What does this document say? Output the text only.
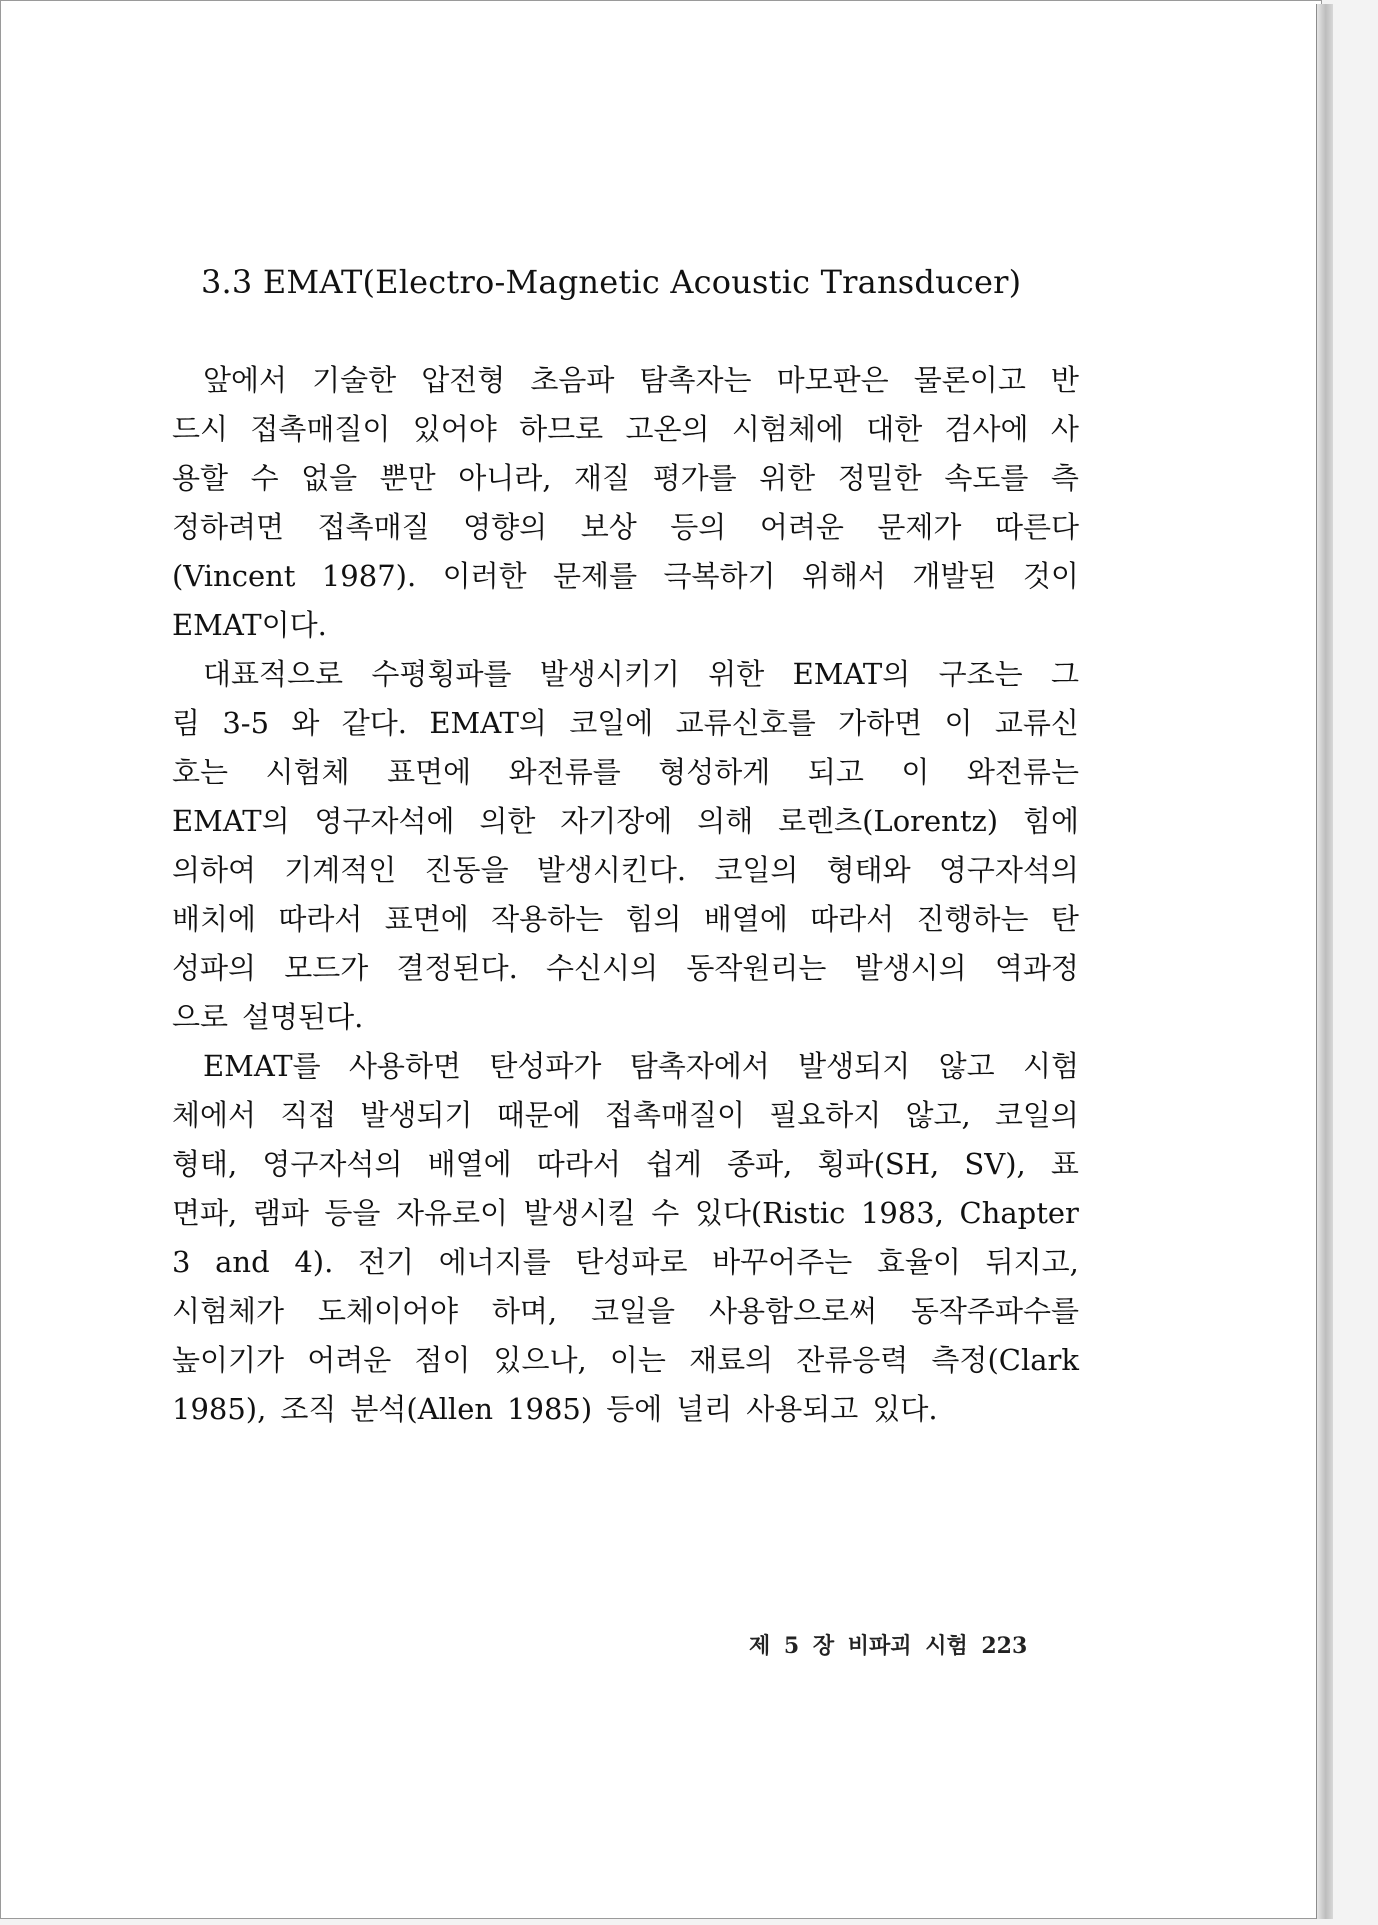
3.3 EMAT(Electro-Magnetic Acoustic Transducer)
앞에서 기술한 압전형 초음파 탐촉자는 마모판은 물론이고 반
드시 접촉매질이 있어야 하므로 고온의 시험체에 대한 검사에 사
용할 수 없을 뿐만 아니라, 재질 평가를 위한 정밀한 속도를 측
정하려면 접촉매질 영향의 보상 등의 어려운 문제가 따른다
(Vincent 1987). 이러한 문제를 극복하기 위해서 개발된 것이
EMAT이다.
대표적으로 수평횡파를 발생시키기 위한 EMAT의 구조는 그
림 3-5 와 같다. EMAT의 코일에 교류신호를 가하면 이 교류신
호는 시험체 표면에 와전류를 형성하게 되고 이 와전류는
EMAT의 영구자석에 의한 자기장에 의해 로렌츠(Lorentz) 힘에
의하여 기계적인 진동을 발생시킨다. 코일의 형태와 영구자석의
배치에 따라서 표면에 작용하는 힘의 배열에 따라서 진행하는 탄
성파의 모드가 결정된다. 수신시의 동작원리는 발생시의 역과정
으로 설명된다.
EMAT를 사용하면 탄성파가 탐촉자에서 발생되지 않고 시험
체에서 직접 발생되기 때문에 접촉매질이 필요하지 않고, 코일의
형태, 영구자석의 배열에 따라서 쉽게 종파, 횡파(SH, SV), 표
면파, 램파 등을 자유로이 발생시킬 수 있다(Ristic 1983, Chapter
3 and 4). 전기 에너지를 탄성파로 바꾸어주는 효율이 뒤지고,
시험체가 도체이어야 하며, 코일을 사용함으로써 동작주파수를
높이기가 어려운 점이 있으나, 이는 재료의 잔류응력 측정(Clark
1985), 조직 분석(Allen 1985) 등에 널리 사용되고 있다.
제 5 장 비파괴 시험 223
